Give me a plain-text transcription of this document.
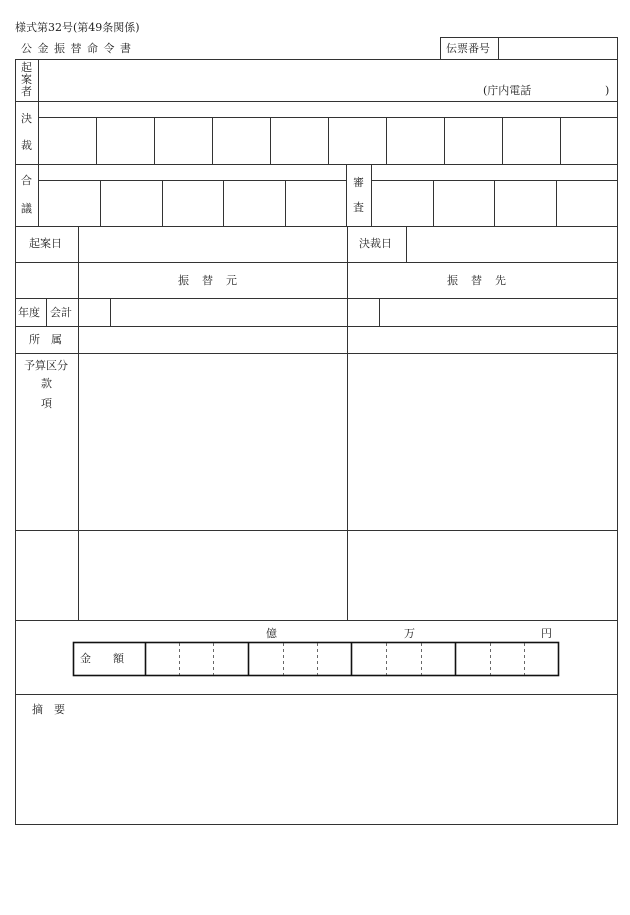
様式第32号(第49条関係)
公 金 振 替 命 令 書	伝票番号
起
案
者	(庁内電話	)
決
裁
合
議
審
査
起案日	決裁日
振　替　元	振　替　先
年度 会計
所　属
予算区分
款
項
億	万	円
金　　額
摘　要
